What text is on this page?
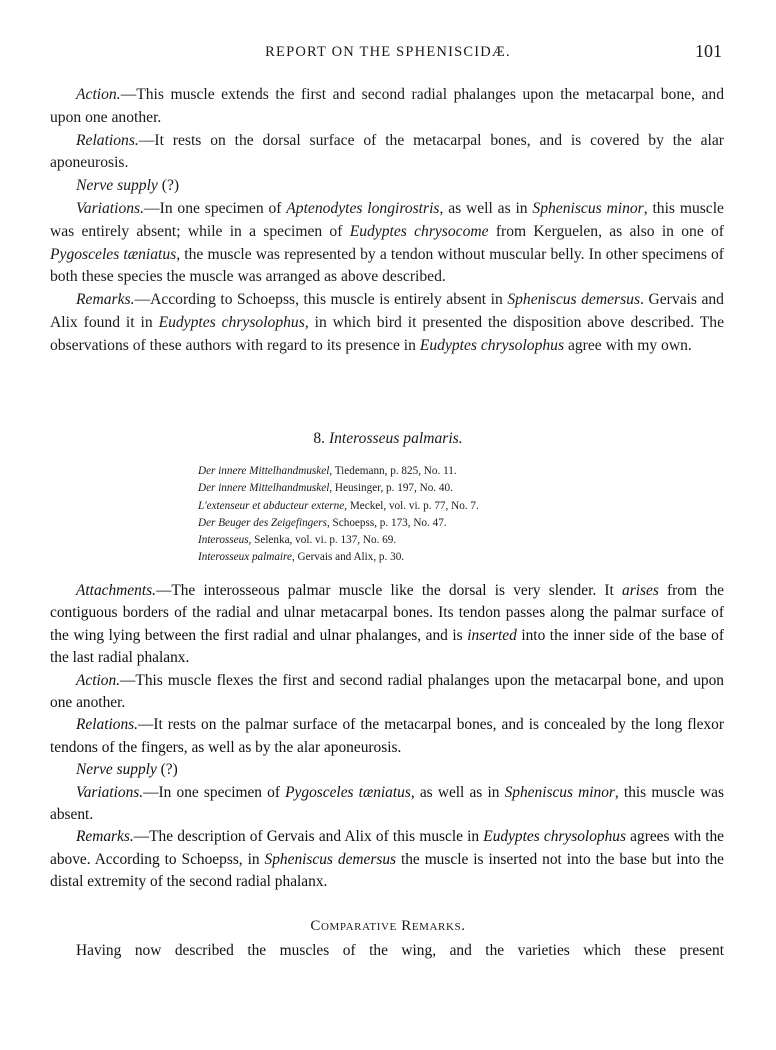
REPORT ON THE SPHENISCIDÆ.	101

Action.—This muscle extends the first and second radial phalanges upon the metacarpal bone, and upon one another.

Relations.—It rests on the dorsal surface of the metacarpal bones, and is covered by the alar aponeurosis.

Nerve supply (?)

Variations.—In one specimen of Aptenodytes longirostris, as well as in Spheniscus minor, this muscle was entirely absent; while in a specimen of Eudyptes chrysocome from Kerguelen, as also in one of Pygosceles tæniatus, the muscle was represented by a tendon without muscular belly. In other specimens of both these species the muscle was arranged as above described.

Remarks.—According to Schoepss, this muscle is entirely absent in Spheniscus demersus. Gervais and Alix found it in Eudyptes chrysolophus, in which bird it presented the disposition above described. The observations of these authors with regard to its presence in Eudyptes chrysolophus agree with my own.

8. Interosseus palmaris.
Der innere Mittelhandmuskel, Tiedemann, p. 825, No. 11.
Der innere Mittelhandmuskel, Heusinger, p. 197, No. 40.
L'extenseur et abducteur externe, Meckel, vol. vi. p. 77, No. 7.
Der Beuger des Zeigefingers, Schoepss, p. 173, No. 47.
Interosseus, Selenka, vol. vi. p. 137, No. 69.
Interosseux palmaire, Gervais and Alix, p. 30.

Attachments.—The interosseous palmar muscle like the dorsal is very slender. It arises from the contiguous borders of the radial and ulnar metacarpal bones. Its tendon passes along the palmar surface of the wing lying between the first radial and ulnar phalanges, and is inserted into the inner side of the base of the last radial phalanx.

Action.—This muscle flexes the first and second radial phalanges upon the metacarpal bone, and upon one another.

Relations.—It rests on the palmar surface of the metacarpal bones, and is concealed by the long flexor tendons of the fingers, as well as by the alar aponeurosis.

Nerve supply (?)

Variations.—In one specimen of Pygosceles tæniatus, as well as in Spheniscus minor, this muscle was absent.

Remarks.—The description of Gervais and Alix of this muscle in Eudyptes chrysolophus agrees with the above. According to Schoepss, in Spheniscus demersus the muscle is inserted not into the base but into the distal extremity of the second radial phalanx.

Comparative Remarks.

Having now described the muscles of the wing, and the varieties which these present
